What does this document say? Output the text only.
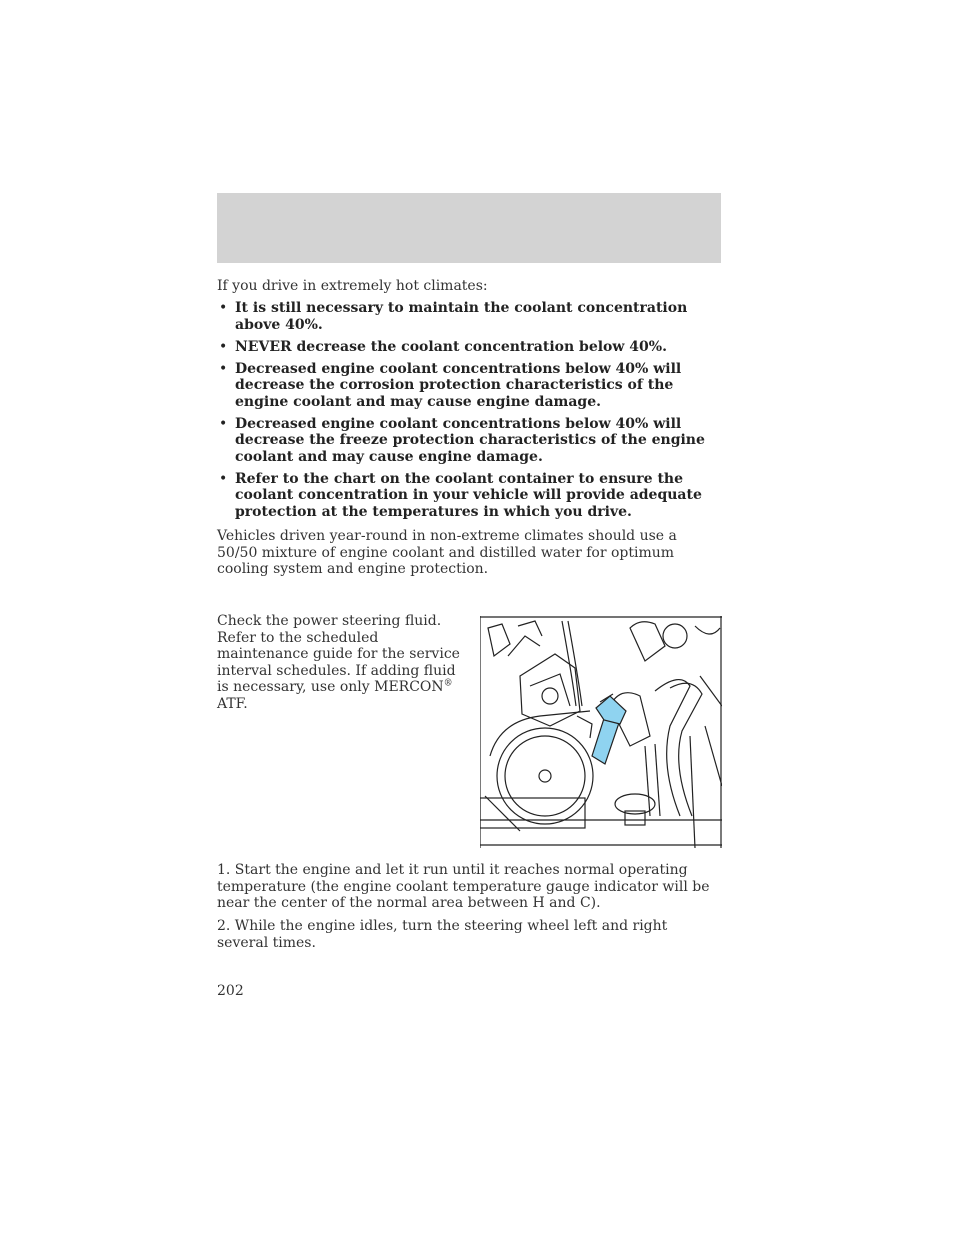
If you drive in extremely hot climates:
• It is still necessary to maintain the coolant concentration above 40%.
• NEVER decrease the coolant concentration below 40%.
• Decreased engine coolant concentrations below 40% will decrease the corrosion protection characteristics of the engine coolant and may cause engine damage.
• Decreased engine coolant concentrations below 40% will decrease the freeze protection characteristics of the engine coolant and may cause engine damage.
• Refer to the chart on the coolant container to ensure the coolant concentration in your vehicle will provide adequate protection at the temperatures in which you drive.
Vehicles driven year-round in non-extreme climates should use a 50/50 mixture of engine coolant and distilled water for optimum cooling system and engine protection.
Check the power steering fluid. Refer to the scheduled maintenance guide for the service interval schedules. If adding fluid is necessary, use only MERCON® ATF.
1. Start the engine and let it run until it reaches normal operating temperature (the engine coolant temperature gauge indicator will be near the center of the normal area between H and C).
2. While the engine idles, turn the steering wheel left and right several times.
202
